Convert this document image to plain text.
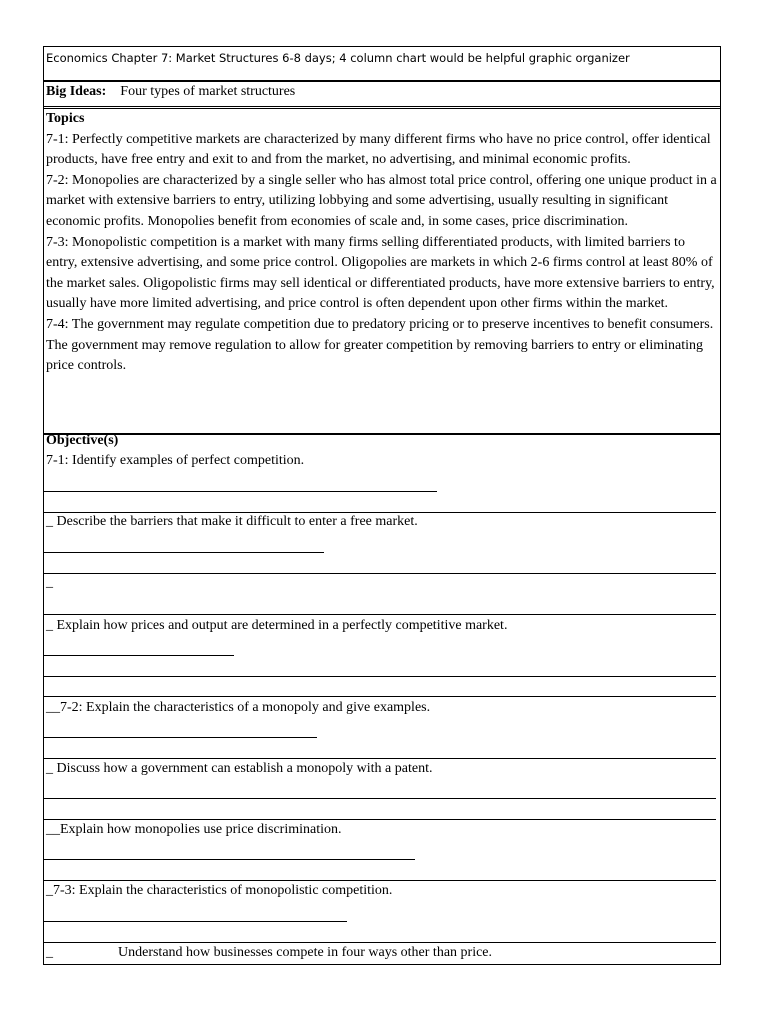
Economics Chapter 7: Market Structures 6-8 days; 4 column chart would be helpful graphic organizer
Big Ideas: Four types of market structures
Topics
7-1: Perfectly competitive markets are characterized by many different firms who have no price control, offer identical products, have free entry and exit to and from the market, no advertising, and minimal economic profits.
7-2: Monopolies are characterized by a single seller who has almost total price control, offering one unique product in a market with extensive barriers to entry, utilizing lobbying and some advertising, usually resulting in significant economic profits. Monopolies benefit from economies of scale and, in some cases, price discrimination.
7-3: Monopolistic competition is a market with many firms selling differentiated products, with limited barriers to entry, extensive advertising, and some price control. Oligopolies are markets in which 2-6 firms control at least 80% of the market sales. Oligopolistic firms may sell identical or differentiated products, have more extensive barriers to entry, usually have more limited advertising, and price control is often dependent upon other firms within the market.
7-4: The government may regulate competition due to predatory pricing or to preserve incentives to benefit consumers. The government may remove regulation to allow for greater competition by removing barriers to entry or eliminating price controls.
Objective(s)
7-1: Identify examples of perfect competition.
_ Describe the barriers that make it difficult to enter a free market.
_
_ Explain how prices and output are determined in a perfectly competitive market.
__7-2: Explain the characteristics of a monopoly and give examples.
_ Discuss how a government can establish a monopoly with a patent.
__Explain how monopolies use price discrimination.
_7-3: Explain the characteristics of monopolistic competition.
_	Understand how businesses compete in four ways other than price.
